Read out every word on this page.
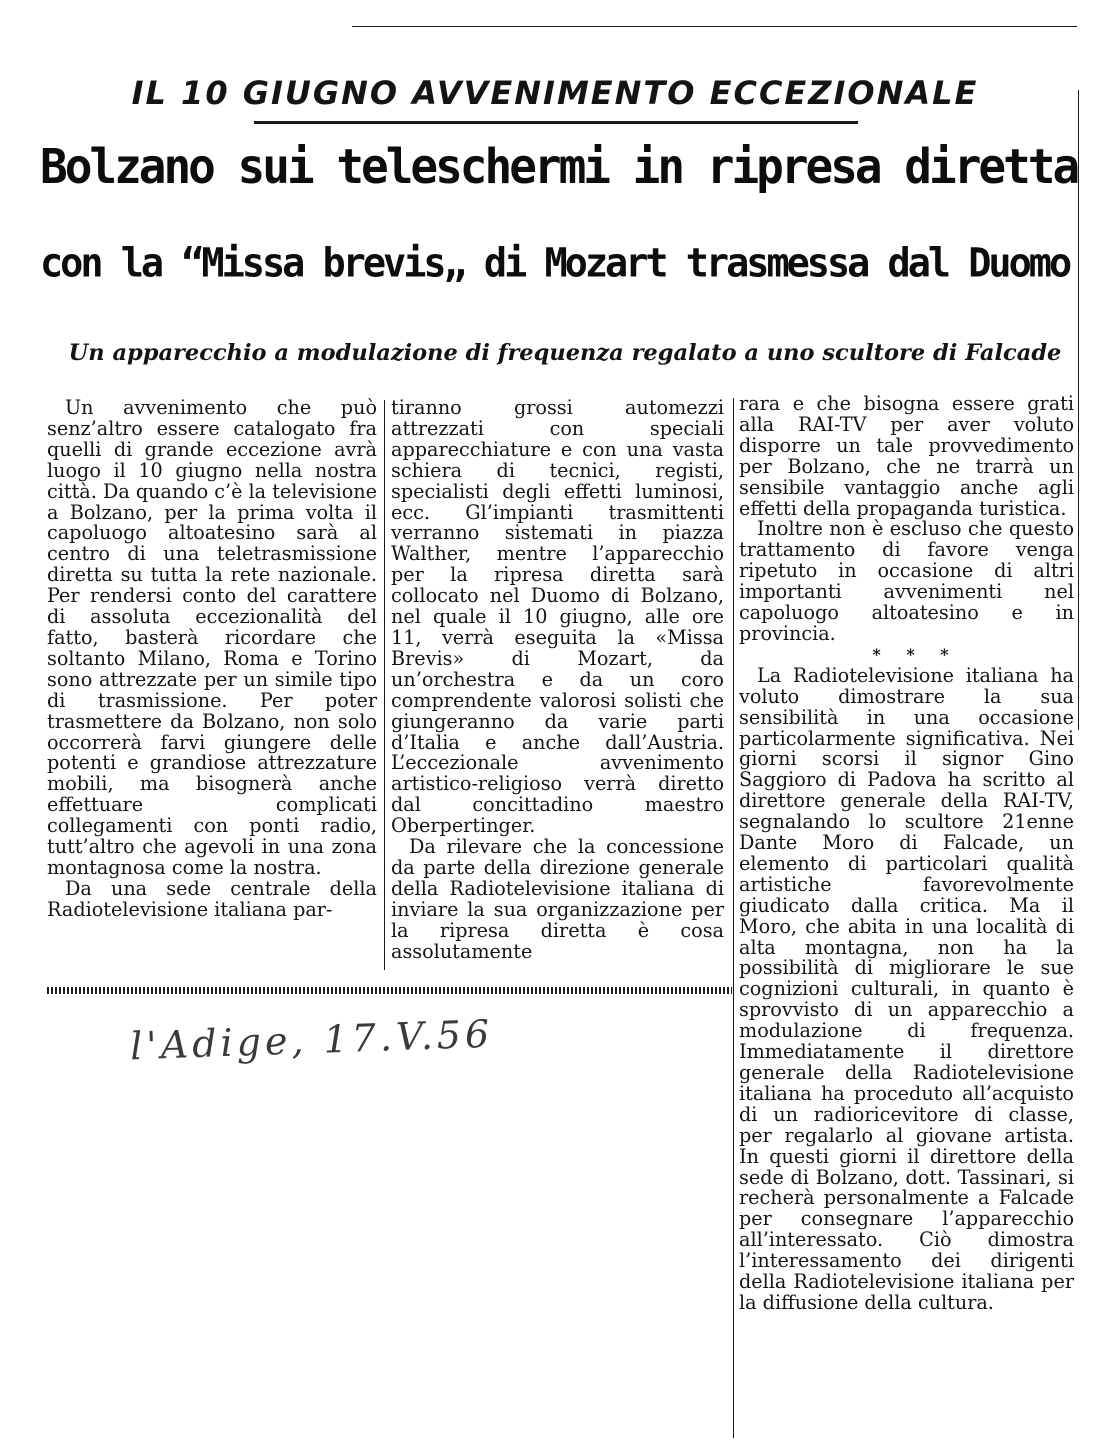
IL 10 GIUGNO AVVENIMENTO ECCEZIONALE
Bolzano sui teleschermi in ripresa diretta
con la “Missa brevis„ di Mozart trasmessa dal Duomo
Un apparecchio a modulazione di frequenza regalato a uno scultore di Falcade

Un avvenimento che può senz’altro essere catalogato fra quelli di grande eccezione avrà luogo il 10 giugno nella nostra città. Da quando c’è la televisione a Bolzano, per la prima volta il capoluogo altoatesino sarà al centro di una teletrasmissione diretta su tutta la rete nazionale. Per rendersi conto del carattere di assoluta eccezionalità del fatto, basterà ricordare che soltanto Milano, Roma e Torino sono attrezzate per un simile tipo di trasmissione. Per poter trasmettere da Bolzano, non solo occorrerà farvi giungere delle potenti e grandiose attrezzature mobili, ma bisognerà anche effettuare complicati collegamenti con ponti radio, tutt’altro che agevoli in una zona montagnosa come la nostra.

Da una sede centrale della Radiotelevisione italiana par-

tiranno grossi automezzi attrezzati con speciali apparecchiature e con una vasta schiera di tecnici, registi, specialisti degli effetti luminosi, ecc. Gl’impianti trasmittenti verranno sistemati in piazza Walther, mentre l’apparecchio per la ripresa diretta sarà collocato nel Duomo di Bolzano, nel quale il 10 giugno, alle ore 11, verrà eseguita la «Missa Brevis» di Mozart, da un’orchestra e da un coro comprendente valorosi solisti che giungeranno da varie parti d’Italia e anche dall’Austria. L’eccezionale avvenimento artistico-religioso verrà diretto dal concittadino maestro Oberpertinger.

Da rilevare che la concessione da parte della direzione generale della Radiotelevisione italiana di inviare la sua organizzazione per la ripresa diretta è cosa assolutamente

rara e che bisogna essere grati alla RAI-TV per aver voluto disporre un tale provvedimento per Bolzano, che ne trarrà un sensibile vantaggio anche agli effetti della propaganda turistica.

Inoltre non è escluso che questo trattamento di favore venga ripetuto in occasione di altri importanti avvenimenti nel capoluogo altoatesino e in provincia.

* * *

La Radiotelevisione italiana ha voluto dimostrare la sua sensibilità in una occasione particolarmente significativa. Nei giorni scorsi il signor Gino Saggioro di Padova ha scritto al direttore generale della RAI-TV, segnalando lo scultore 21enne Dante Moro di Falcade, un elemento di particolari qualità artistiche favorevolmente giudicato dalla critica. Ma il Moro, che abita in una località di alta montagna, non ha la possibilità di migliorare le sue cognizioni culturali, in quanto è sprovvisto di un apparecchio a modulazione di frequenza. Immediatamente il direttore generale della Radiotelevisione italiana ha proceduto all’acquisto di un radioricevitore di classe, per regalarlo al giovane artista. In questi giorni il direttore della sede di Bolzano, dott. Tassinari, si recherà personalmente a Falcade per consegnare l’apparecchio all’interessato. Ciò dimostra l’interessamento dei dirigenti della Radiotelevisione italiana per la diffusione della cultura.

l'Adige, 17.V.56
